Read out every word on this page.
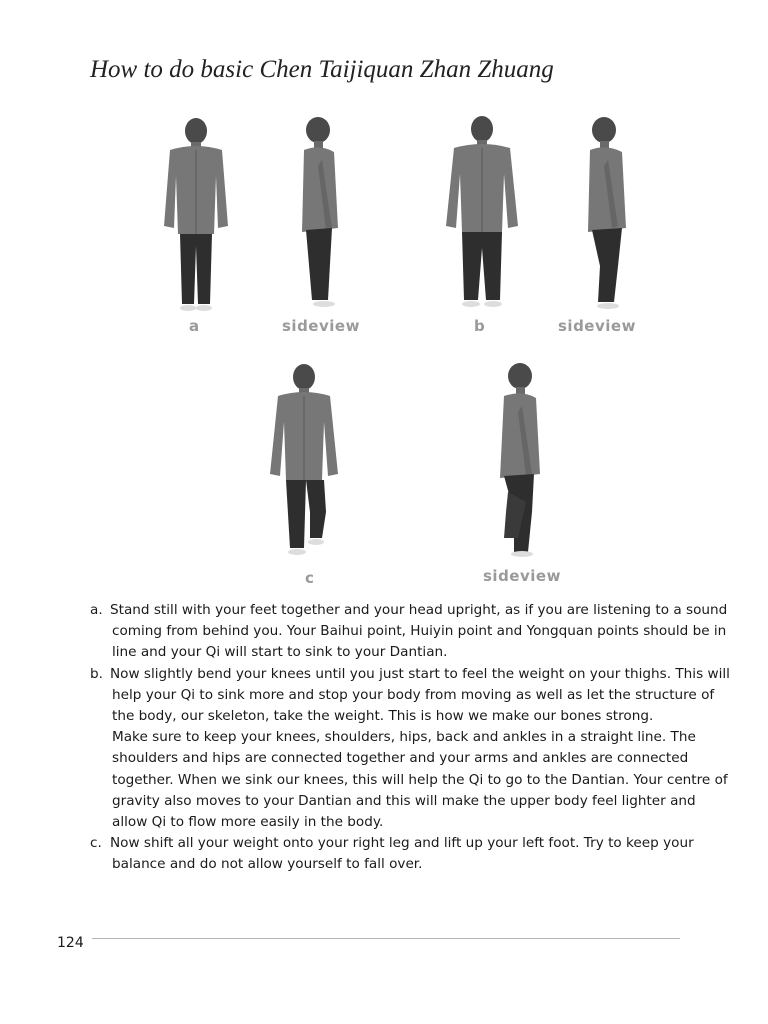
How to do basic Chen Taijiquan Zhan Zhuang
a	sideview	b	sideview
c	sideview
a. Stand still with your feet together and your head upright, as if you are listening to a sound coming from behind you. Your Baihui point, Huiyin point and Yongquan points should be in line and your Qi will start to sink to your Dantian.
b. Now slightly bend your knees until you just start to feel the weight on your thighs. This will help your Qi to sink more and stop your body from moving as well as let the structure of the body, our skeleton, take the weight. This is how we make our bones strong.
Make sure to keep your knees, shoulders, hips, back and ankles in a straight line. The shoulders and hips are connected together and your arms and ankles are connected together. When we sink our knees, this will help the Qi to go to the Dantian. Your centre of gravity also moves to your Dantian and this will make the upper body feel lighter and allow Qi to flow more easily in the body.
c. Now shift all your weight onto your right leg and lift up your left foot. Try to keep your balance and do not allow yourself to fall over.
124
